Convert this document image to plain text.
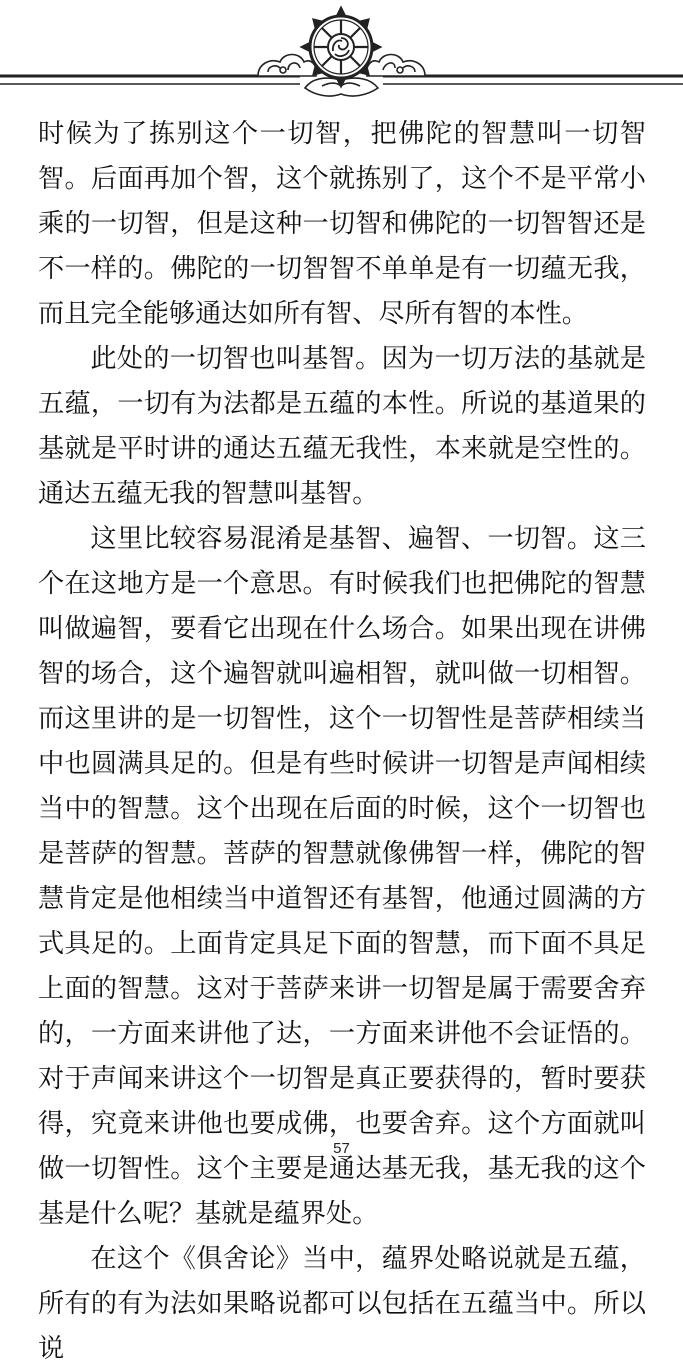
时候为了拣别这个一切智，把佛陀的智慧叫一切智智。后面再加个智，这个就拣别了，这个不是平常小乘的一切智，但是这种一切智和佛陀的一切智智还是不一样的。佛陀的一切智智不单单是有一切蕴无我，而且完全能够通达如所有智、尽所有智的本性。

此处的一切智也叫基智。因为一切万法的基就是五蕴，一切有为法都是五蕴的本性。所说的基道果的基就是平时讲的通达五蕴无我性，本来就是空性的。通达五蕴无我的智慧叫基智。

这里比较容易混淆是基智、遍智、一切智。这三个在这地方是一个意思。有时候我们也把佛陀的智慧叫做遍智，要看它出现在什么场合。如果出现在讲佛智的场合，这个遍智就叫遍相智，就叫做一切相智。而这里讲的是一切智性，这个一切智性是菩萨相续当中也圆满具足的。但是有些时候讲一切智是声闻相续当中的智慧。这个出现在后面的时候，这个一切智也是菩萨的智慧。菩萨的智慧就像佛智一样，佛陀的智慧肯定是他相续当中道智还有基智，他通过圆满的方式具足的。上面肯定具足下面的智慧，而下面不具足上面的智慧。这对于菩萨来讲一切智是属于需要舍弃的，一方面来讲他了达，一方面来讲他不会证悟的。对于声闻来讲这个一切智是真正要获得的，暂时要获得，究竟来讲他也要成佛，也要舍弃。这个方面就叫做一切智性。这个主要是通达基无我，基无我的这个基是什么呢？基就是蕴界处。

在这个《俱舍论》当中，蕴界处略说就是五蕴，所有的有为法如果略说都可以包括在五蕴当中。所以说

57
